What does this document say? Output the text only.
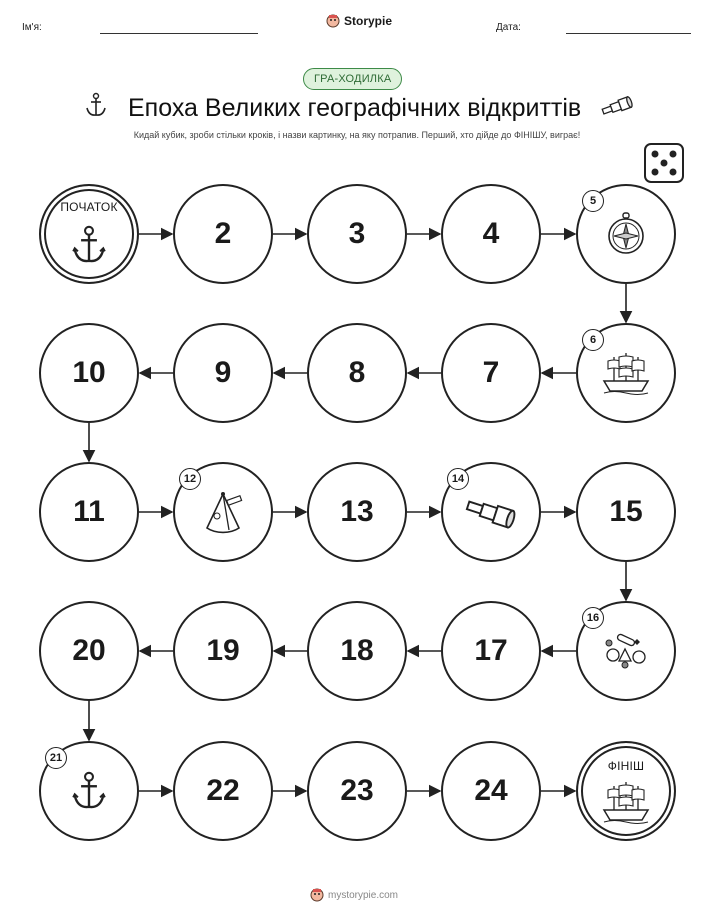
Ім'я:	Storypie	Дата:
ГРА-ХОДИЛКА
Епоха Великих географічних відкриттів
Кидай кубик, зроби стільки кроків, і назви картинку, на яку потрапив. Перший, хто дійде до ФІНІШУ, виграє!
ПОЧАТОК
2	3	4
5
6
7
8
9
10
11
12
13
14
15
16
17
18
19
20
21
22	23	24
ФІНІШ
mystorypie.com
